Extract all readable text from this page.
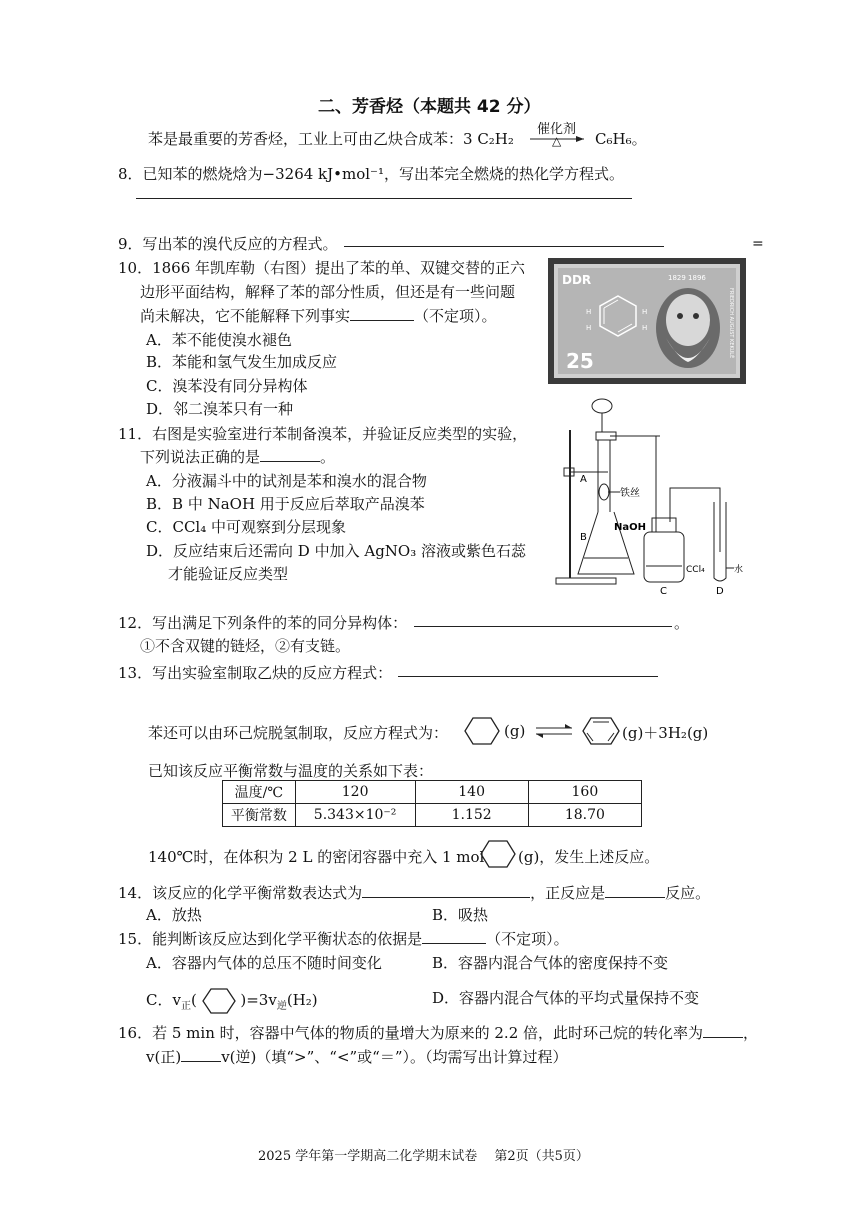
二、芳香烃（本题共 42 分）
苯是最重要的芳香烃，工业上可由乙炔合成苯：3 C₂H₂
催化剂
△ C₆H₆。
8．已知苯的燃烧焓为−3264 kJ•mol⁻¹，写出苯完全燃烧的热化学方程式。
9．写出苯的溴代反应的方程式。	=
10．1866 年凯库勒（右图）提出了苯的单、双键交替的正六
边形平面结构，解释了苯的部分性质，但还是有一些问题
尚未解决，它不能解释下列事实	（不定项）。
A．苯不能使溴水褪色
B．苯能和氢气发生加成反应
C．溴苯没有同分异构体
D．邻二溴苯只有一种
DDR	1829 1896
H	H
H	H
25
FRIEDRICH AUGUST KEKULÉ
11．右图是实验室进行苯制备溴苯，并验证反应类型的实验，
下列说法正确的是	。
A．分液漏斗中的试剂是苯和溴水的混合物
B．B 中 NaOH 用于反应后萃取产品溴苯
C．CCl₄ 中可观察到分层现象
D．反应结束后还需向 D 中加入 AgNO₃ 溶液或紫色石蕊
才能验证反应类型
A
铁丝
B
NaOH
C
CCl₄
D
水
12．写出满足下列条件的苯的同分异构体：	。
①不含双键的链烃，②有支链。
13．写出实验室制取乙炔的反应方程式：
苯还可以由环己烷脱氢制取，反应方程式为：	(g) ⇌	(g)＋3H₂(g)
已知该反应平衡常数与温度的关系如下表：
温度/℃	120	140	160
平衡常数	5.343×10⁻²	1.152	18.70
140℃时，在体积为 2 L 的密闭容器中充入 1 mol (g)，发生上述反应。
14．该反应的化学平衡常数表达式为	，正反应是	反应。
A．放热	B．吸热
15．能判断该反应达到化学平衡状态的依据是	（不定项）。
A．容器内气体的总压不随时间变化	B．容器内混合气体的密度保持不变
C．$v_正$(	)$=3v_逆(H_2)$	D．容器内混合气体的平均式量保持不变
16．若 5 min 时，容器中气体的物质的量增大为原来的 2.2 倍，此时环己烷的转化率为	，
v(正)	v(逆)（填“>”、“<”或“＝”）。（均需写出计算过程）
2025 学年第一学期高二化学期末试卷　 第2页（共5页）
